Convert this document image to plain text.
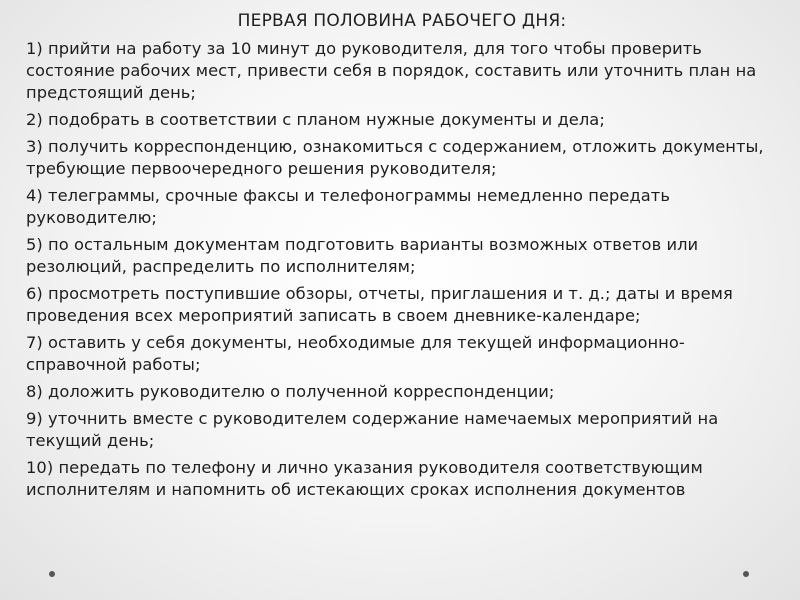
ПЕРВАЯ ПОЛОВИНА РАБОЧЕГО ДНЯ:
1) прийти на работу за 10 минут до руководителя, для того чтобы проверить состояние рабочих мест, привести себя в порядок, составить или уточнить план на предстоящий день;
2) подобрать в соответствии с планом нужные документы и дела;
3) получить корреспонденцию, ознакомиться с содержанием, отложить документы, требующие первоочередного решения руководителя;
4) телеграммы, срочные факсы и телефонограммы немедленно передать руководителю;
5) по остальным документам подготовить варианты возможных ответов или резолюций, распределить по исполнителям;
6) просмотреть поступившие обзоры, отчеты, приглашения и т. д.; даты и время проведения всех мероприятий записать в своем дневнике-календаре;
7) оставить у себя документы, необходимые для текущей информационно-справочной работы;
8) доложить руководителю о полученной корреспонденции;
9) уточнить вместе с руководителем содержание намечаемых мероприятий на текущий день;
10) передать по телефону и лично указания руководителя соответствующим исполнителям и напомнить об истекающих сроках исполнения документов
